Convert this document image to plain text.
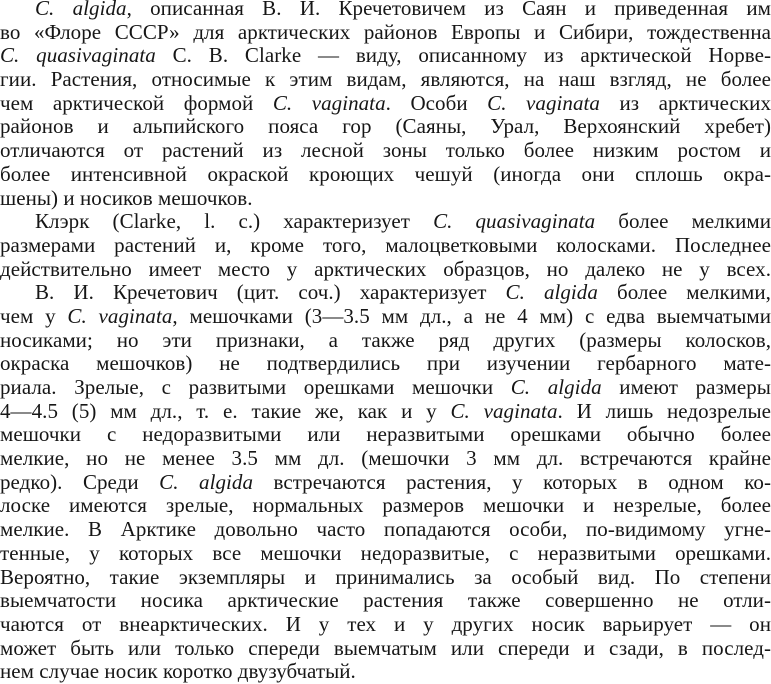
C. algida, описанная В. И. Кречетовичем из Саян и приведенная им
во «Флоре СССР» для арктических районов Европы и Сибири, тождественна
C. quasivaginata С. В. Clarke — виду, описанному из арктической Норве-
гии. Растения, относимые к этим видам, являются, на наш взгляд, не более
чем арктической формой C. vaginata. Особи C. vaginata из арктических
районов и альпийского пояса гор (Саяны, Урал, Верхоянский хребет)
отличаются от растений из лесной зоны только более низким ростом и
более интенсивной окраской кроющих чешуй (иногда они сплошь окра-
шены) и носиков мешочков.
Клэрк (Clarke, l. c.) характеризует C. quasivaginata более мелкими
размерами растений и, кроме того, малоцветковыми колосками. Последнее
действительно имеет место у арктических образцов, но далеко не у всех.
В. И. Кречетович (цит. соч.) характеризует C. algida более мелкими,
чем у C. vaginata, мешочками (3—3.5 мм дл., а не 4 мм) с едва выемчатыми
носиками; но эти признаки, а также ряд других (размеры колосков,
окраска мешочков) не подтвердились при изучении гербарного мате-
риала. Зрелые, с развитыми орешками мешочки C. algida имеют размеры
4—4.5 (5) мм дл., т. е. такие же, как и у C. vaginata. И лишь недозрелые
мешочки с недоразвитыми или неразвитыми орешками обычно более
мелкие, но не менее 3.5 мм дл. (мешочки 3 мм дл. встречаются крайне
редко). Среди C. algida встречаются растения, у которых в одном ко-
лоске имеются зрелые, нормальных размеров мешочки и незрелые, более
мелкие. В Арктике довольно часто попадаются особи, по-видимому угне-
тенные, у которых все мешочки недоразвитые, с неразвитыми орешками.
Вероятно, такие экземпляры и принимались за особый вид. По степени
выемчатости носика арктические растения также совершенно не отли-
чаются от внеарктических. И у тех и у других носик варьирует — он
может быть или только спереди выемчатым или спереди и сзади, в послед-
нем случае носик коротко двузубчатый.
